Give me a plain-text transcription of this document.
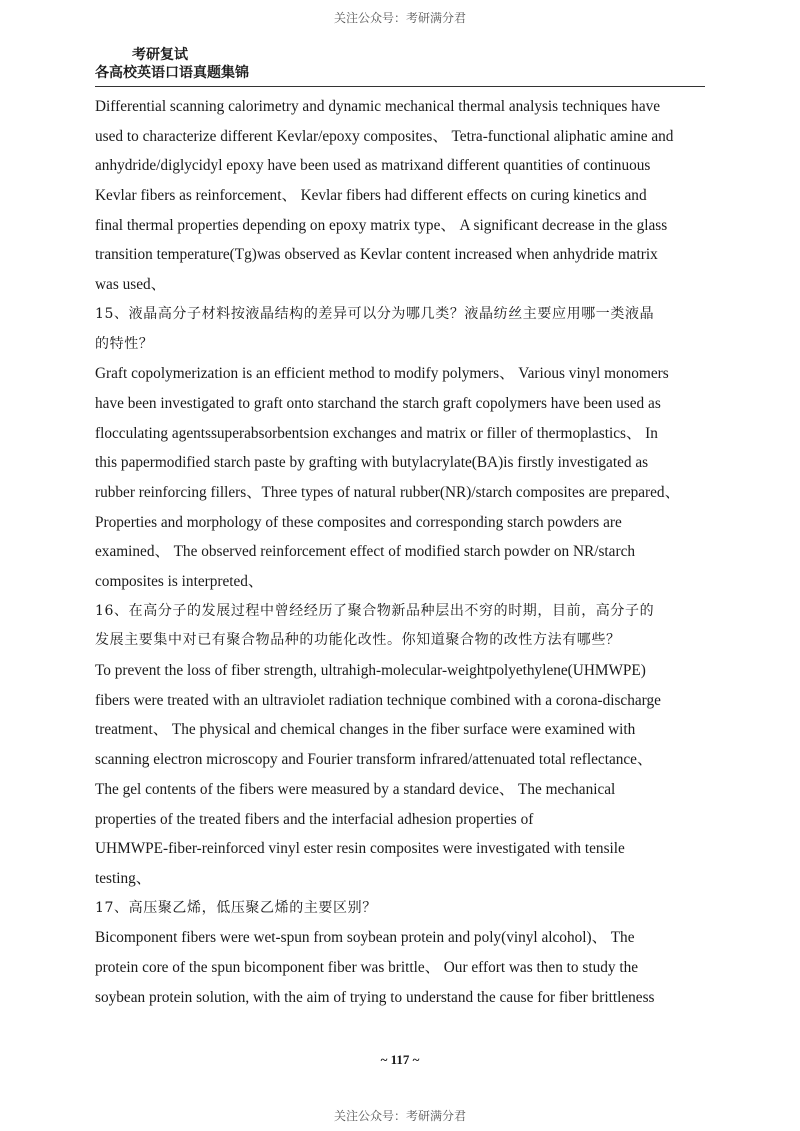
关注公众号：考研满分君
考研复试
各高校英语口语真题集锦
Differential scanning calorimetry and dynamic mechanical thermal analysis techniques have
used to characterize different Kevlar/epoxy composites、 Tetra-functional aliphatic amine and
anhydride/diglycidyl epoxy have been used as matrixand different quantities of continuous
Kevlar fibers as reinforcement、 Kevlar fibers had different effects on curing kinetics and
final thermal properties depending on epoxy matrix type、 A significant decrease in the glass
transition temperature(Tg)was observed as Kevlar content increased when anhydride matrix
was used、
15、液晶高分子材料按液晶结构的差异可以分为哪几类？液晶纺丝主要应用哪一类液晶
的特性？
Graft copolymerization is an efficient method to modify polymers、 Various vinyl monomers
have been investigated to graft onto starchand the starch graft copolymers have been used as
flocculating agentssuperabsorbentsion exchanges and matrix or filler of thermoplastics、 In
this papermodified starch paste by grafting with butylacrylate(BA)is firstly investigated as
rubber reinforcing fillers、Three types of natural rubber(NR)/starch composites are prepared、
Properties and morphology of these composites and corresponding starch powders are
examined、 The observed reinforcement effect of modified starch powder on NR/starch
composites is interpreted、
16、在高分子的发展过程中曾经经历了聚合物新品种层出不穷的时期，目前，高分子的
发展主要集中对已有聚合物品种的功能化改性。你知道聚合物的改性方法有哪些？
To prevent the loss of fiber strength, ultrahigh-molecular-weightpolyethylene(UHMWPE)
fibers were treated with an ultraviolet radiation technique combined with a corona-discharge
treatment、 The physical and chemical changes in the fiber surface were examined with
scanning electron microscopy and Fourier transform infrared/attenuated total reflectance、
The gel contents of the fibers were measured by a standard device、 The mechanical
properties of the treated fibers and the interfacial adhesion properties of
UHMWPE-fiber-reinforced vinyl ester resin composites were investigated with tensile
testing、
17、高压聚乙烯，低压聚乙烯的主要区别？
Bicomponent fibers were wet-spun from soybean protein and poly(vinyl alcohol)、 The
protein core of the spun bicomponent fiber was brittle、 Our effort was then to study the
soybean protein solution, with the aim of trying to understand the cause for fiber brittleness
~ 117 ~
关注公众号：考研满分君
